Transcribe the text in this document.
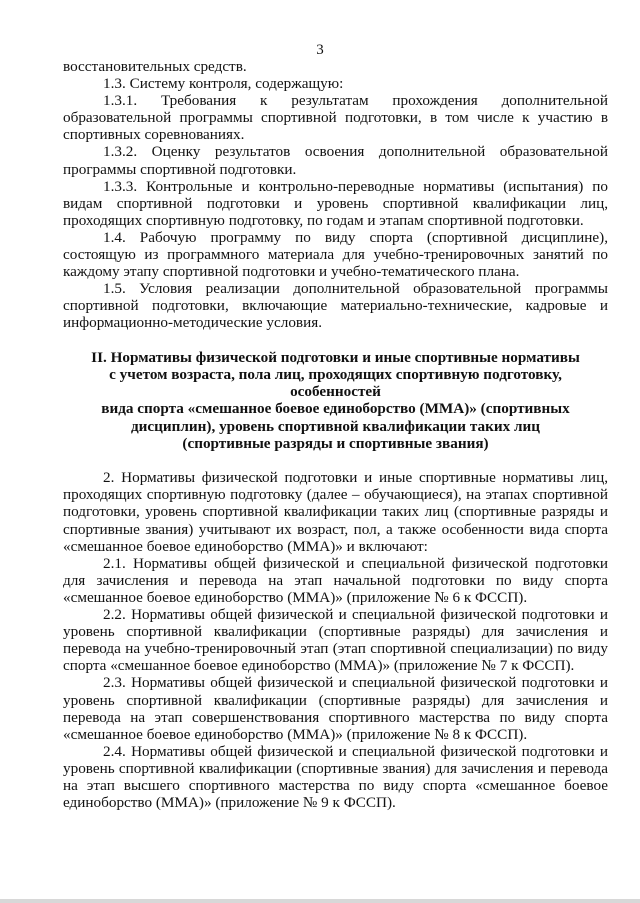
3

восстановительных средств.

1.3. Систему контроля, содержащую:

1.3.1. Требования к результатам прохождения дополнительной образовательной программы спортивной подготовки, в том числе к участию в спортивных соревнованиях.

1.3.2. Оценку результатов освоения дополнительной образовательной программы спортивной подготовки.

1.3.3. Контрольные и контрольно-переводные нормативы (испытания) по видам спортивной подготовки и уровень спортивной квалификации лиц, проходящих спортивную подготовку, по годам и этапам спортивной подготовки.

1.4. Рабочую программу по виду спорта (спортивной дисциплине), состоящую из программного материала для учебно-тренировочных занятий по каждому этапу спортивной подготовки и учебно-тематического плана.

1.5. Условия реализации дополнительной образовательной программы спортивной подготовки, включающие материально-технические, кадровые и информационно-методические условия.

II. Нормативы физической подготовки и иные спортивные нормативы
с учетом возраста, пола лиц, проходящих спортивную подготовку, особенностей
вида спорта «смешанное боевое единоборство (ММА)» (спортивных
дисциплин), уровень спортивной квалификации таких лиц
(спортивные разряды и спортивные звания)

2. Нормативы физической подготовки и иные спортивные нормативы лиц, проходящих спортивную подготовку (далее – обучающиеся), на этапах спортивной подготовки, уровень спортивной квалификации таких лиц (спортивные разряды и спортивные звания) учитывают их возраст, пол, а также особенности вида спорта «смешанное боевое единоборство (ММА)» и включают:

2.1. Нормативы общей физической и специальной физической подготовки для зачисления и перевода на этап начальной подготовки по виду спорта «смешанное боевое единоборство (ММА)» (приложение № 6 к ФССП).

2.2. Нормативы общей физической и специальной физической подготовки и уровень спортивной квалификации (спортивные разряды) для зачисления и перевода на учебно-тренировочный этап (этап спортивной специализации) по виду спорта «смешанное боевое единоборство (ММА)» (приложение № 7 к ФССП).

2.3. Нормативы общей физической и специальной физической подготовки и уровень спортивной квалификации (спортивные разряды) для зачисления и перевода на этап совершенствования спортивного мастерства по виду спорта «смешанное боевое единоборство (ММА)» (приложение № 8 к ФССП).

2.4. Нормативы общей физической и специальной физической подготовки и уровень спортивной квалификации (спортивные звания) для зачисления и перевода на этап высшего спортивного мастерства по виду спорта «смешанное боевое единоборство (ММА)» (приложение № 9 к ФССП).
